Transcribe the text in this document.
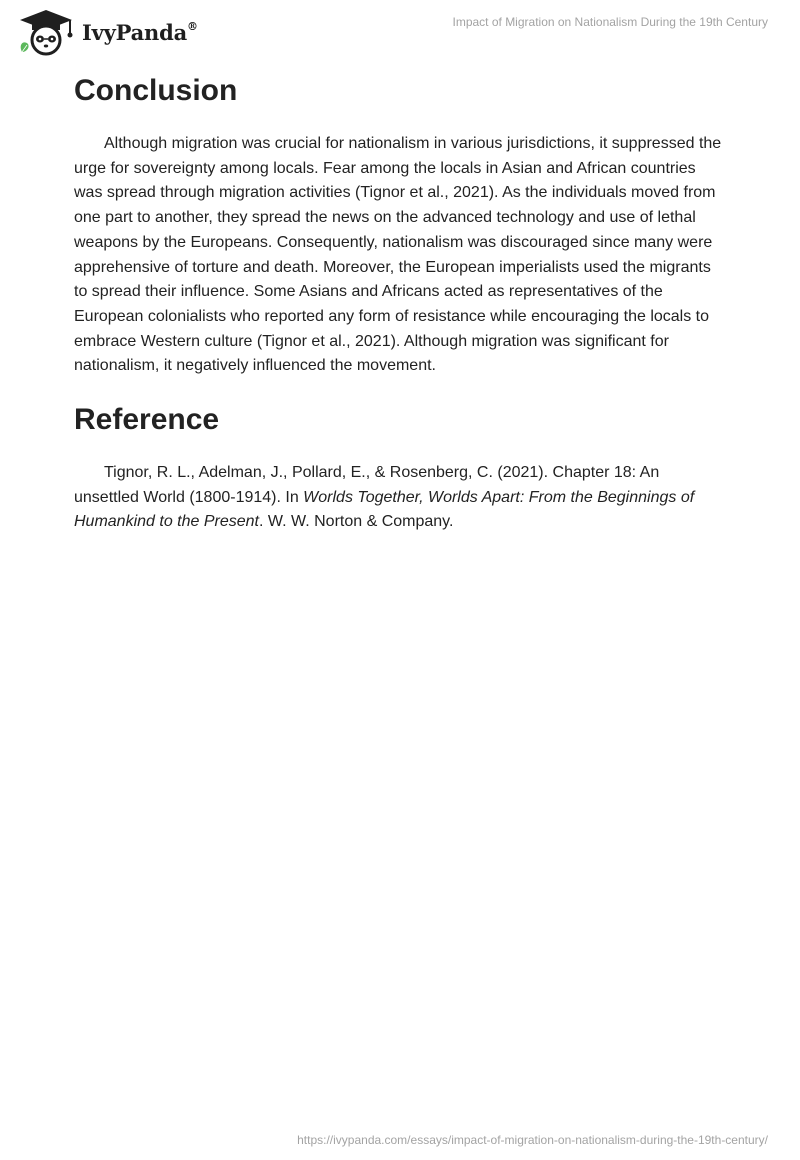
IvyPanda®	Impact of Migration on Nationalism During the 19th Century
Conclusion

Although migration was crucial for nationalism in various jurisdictions, it suppressed the urge for sovereignty among locals. Fear among the locals in Asian and African countries was spread through migration activities (Tignor et al., 2021). As the individuals moved from one part to another, they spread the news on the advanced technology and use of lethal weapons by the Europeans. Consequently, nationalism was discouraged since many were apprehensive of torture and death. Moreover, the European imperialists used the migrants to spread their influence. Some Asians and Africans acted as representatives of the European colonialists who reported any form of resistance while encouraging the locals to embrace Western culture (Tignor et al., 2021). Although migration was significant for nationalism, it negatively influenced the movement.

Reference

Tignor, R. L., Adelman, J., Pollard, E., & Rosenberg, C. (2021). Chapter 18: An unsettled World (1800-1914). In Worlds Together, Worlds Apart: From the Beginnings of Humankind to the Present. W. W. Norton & Company.

https://ivypanda.com/essays/impact-of-migration-on-nationalism-during-the-19th-century/
